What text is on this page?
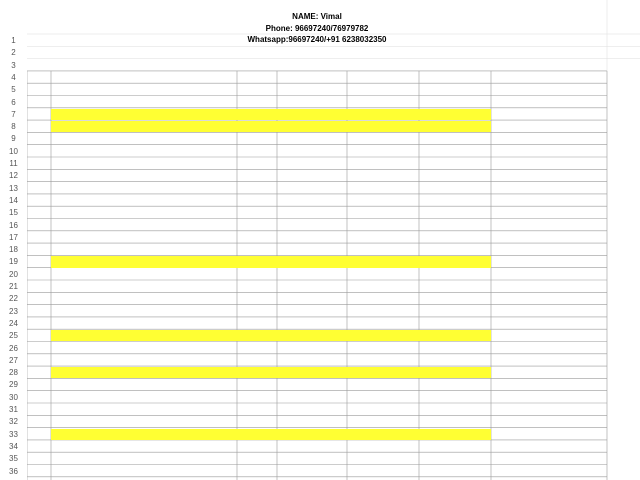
NAME: Vimal
Phone: 96697240/76979782
Whatsapp:96697240/+91 6238032350
1
2
3
4
5
6
7
8
9
10
11
12
13
14
15
16
17
18
19
20
21
22
23
24
25
26
27
28
29
30
31
32
33
34
35
36
